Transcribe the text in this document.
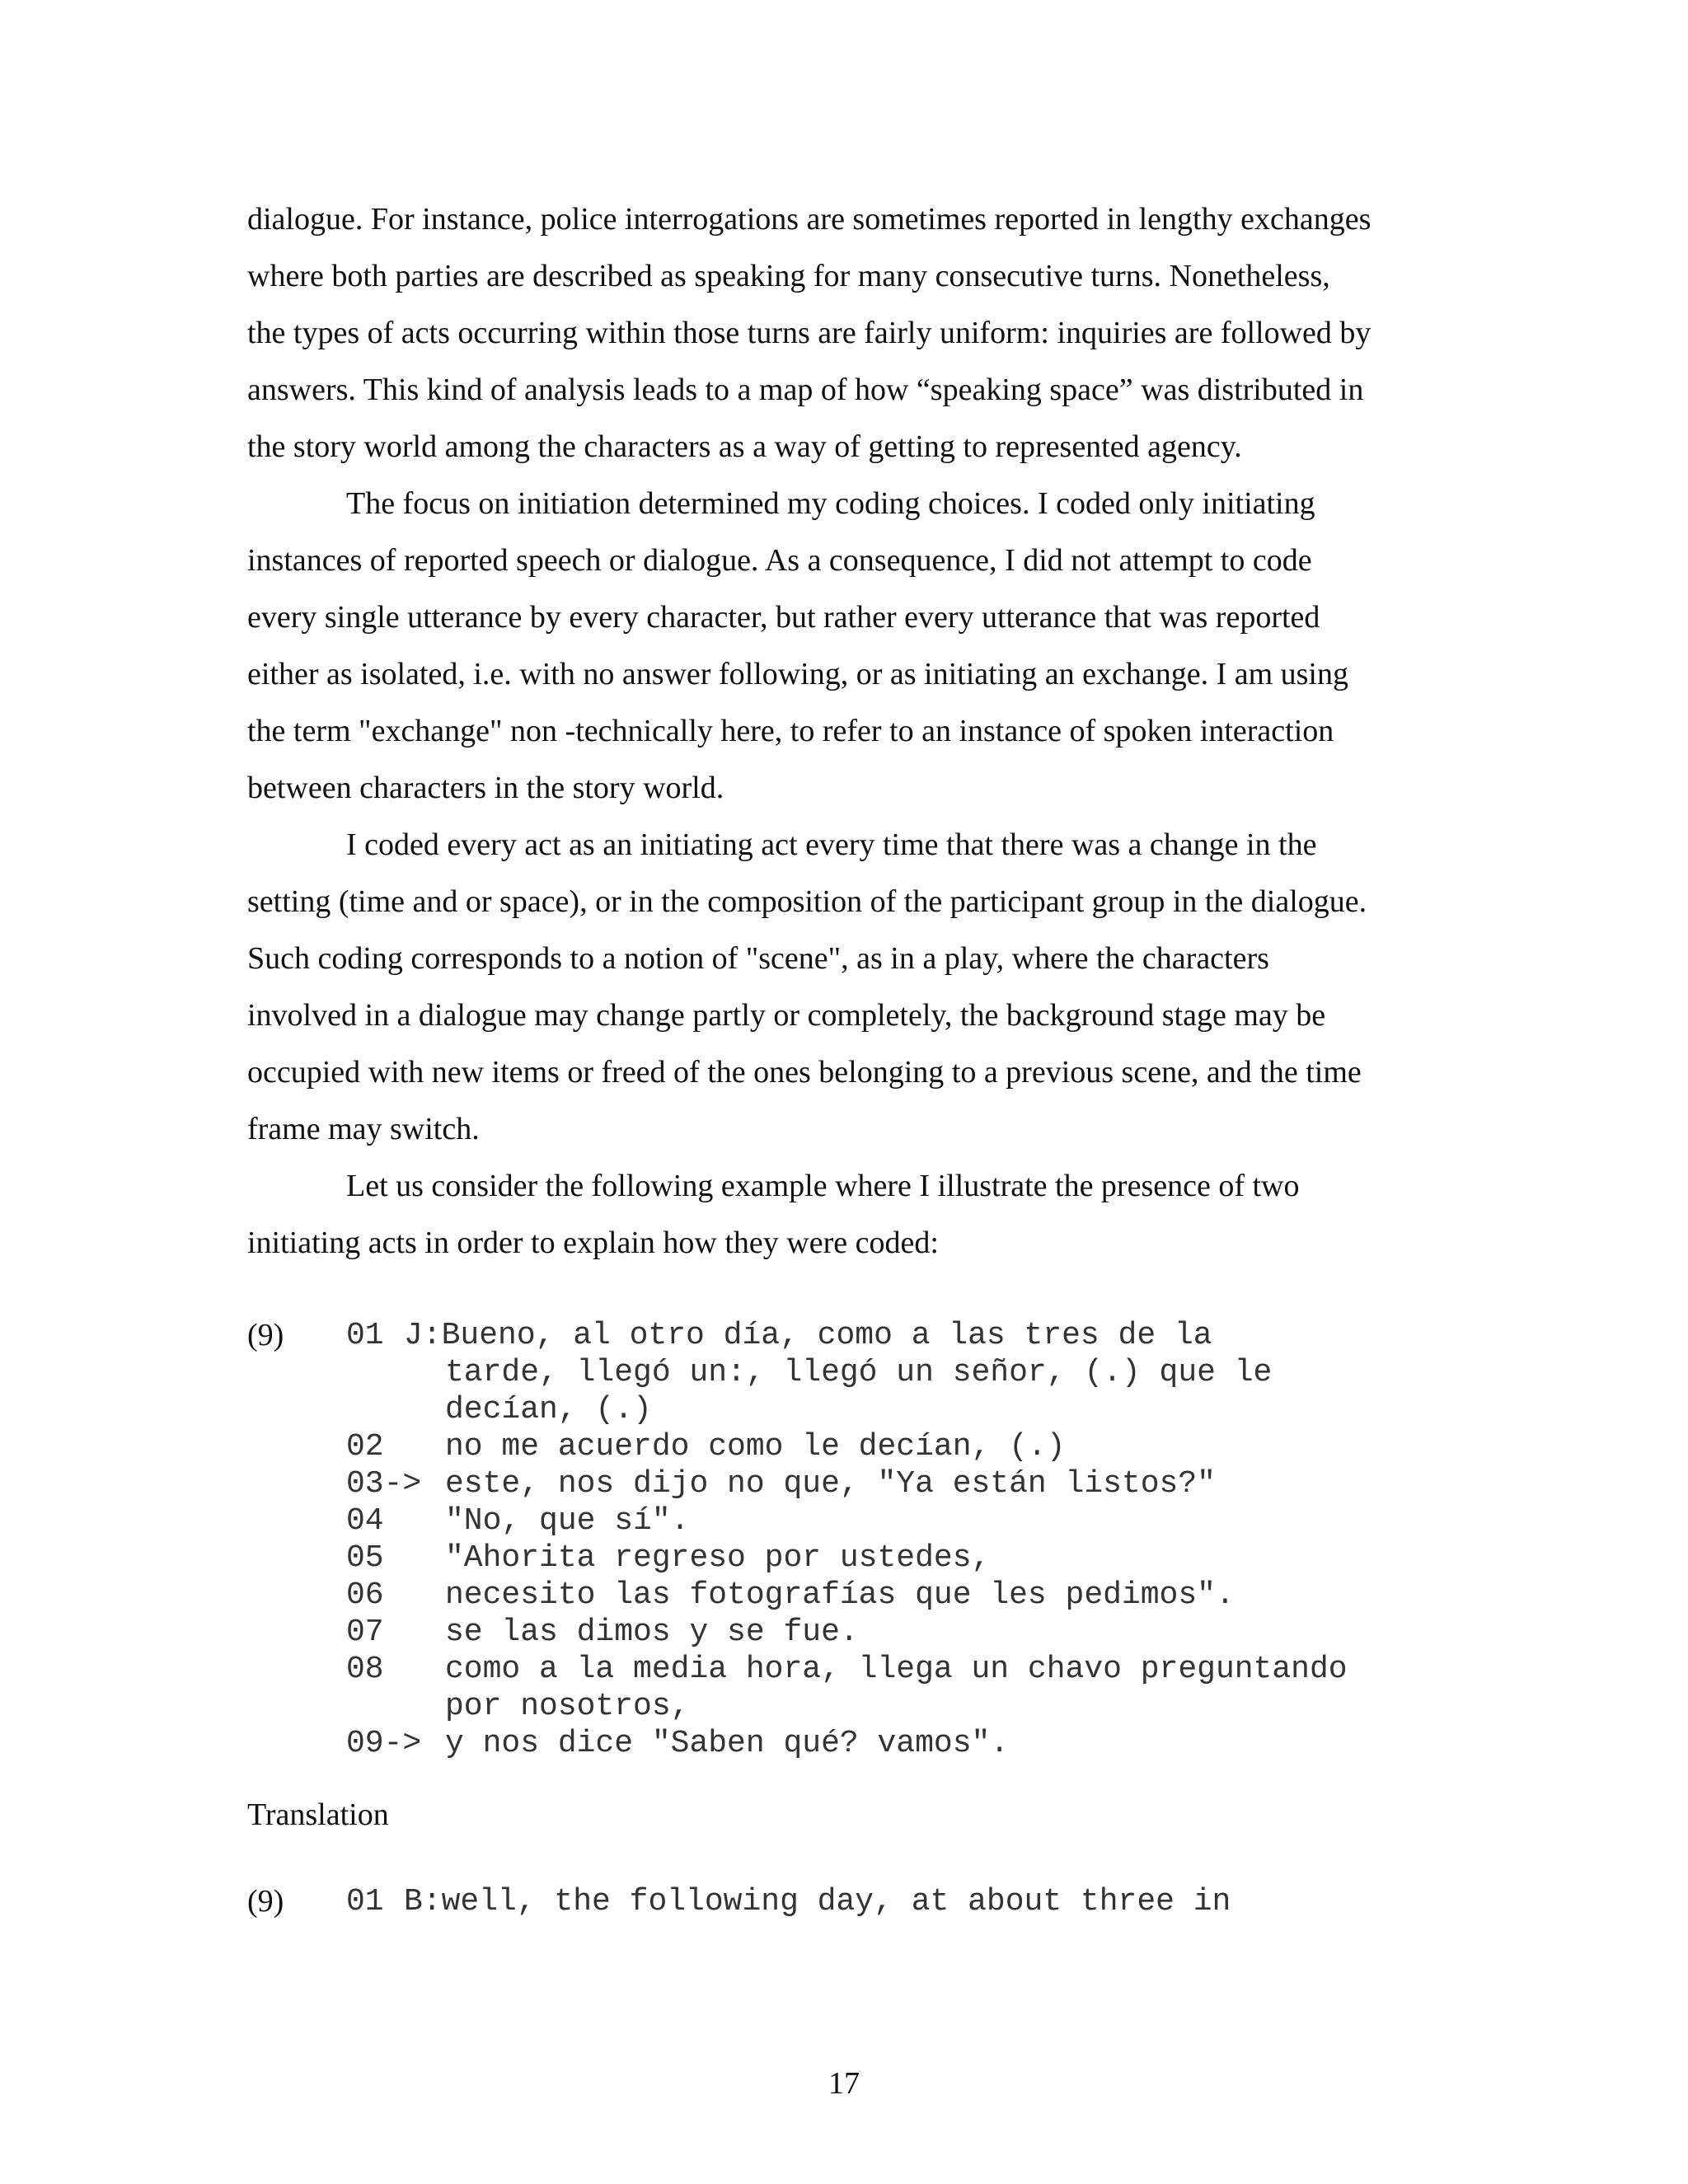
dialogue. For instance, police interrogations are sometimes reported in lengthy exchanges
where both parties are described as speaking for many consecutive turns. Nonetheless,
the types of acts occurring within those turns are fairly uniform: inquiries are followed by
answers. This kind of analysis leads to a map of how “speaking space” was distributed in
the story world among the characters as a way of getting to represented agency.

The focus on initiation determined my coding choices. I coded only initiating
instances of reported speech or dialogue. As a consequence, I did not attempt to code
every single utterance by every character, but rather every utterance that was reported
either as isolated, i.e. with no answer following, or as initiating an exchange. I am using
the term "exchange" non -technically here, to refer to an instance of spoken interaction
between characters in the story world.

I coded every act as an initiating act every time that there was a change in the
setting (time and or space), or in the composition of the participant group in the dialogue.
Such coding corresponds to a notion of "scene", as in a play, where the characters
involved in a dialogue may change partly or completely, the background stage may be
occupied with new items or freed of the ones belonging to a previous scene, and the time
frame may switch.

Let us consider the following example where I illustrate the presence of two
initiating acts in order to explain how they were coded:

(9)	01 J: Bueno, al otro día, como a las tres de la
tarde, llegó un:, llegó un señor, (.) que le
decían, (.)
02	no me acuerdo como le decían, (.)
03-> este, nos dijo no que, "Ya están listos?"
04	"No, que sí".
05	"Ahorita regreso por ustedes,
06	necesito las fotografías que les pedimos".
07	se las dimos y se fue.
08	como a la media hora, llega un chavo preguntando
por nosotros,
09-> y nos dice "Saben qué? vamos".
Translation
(9)	01 B: well, the following day, at about three in
17
